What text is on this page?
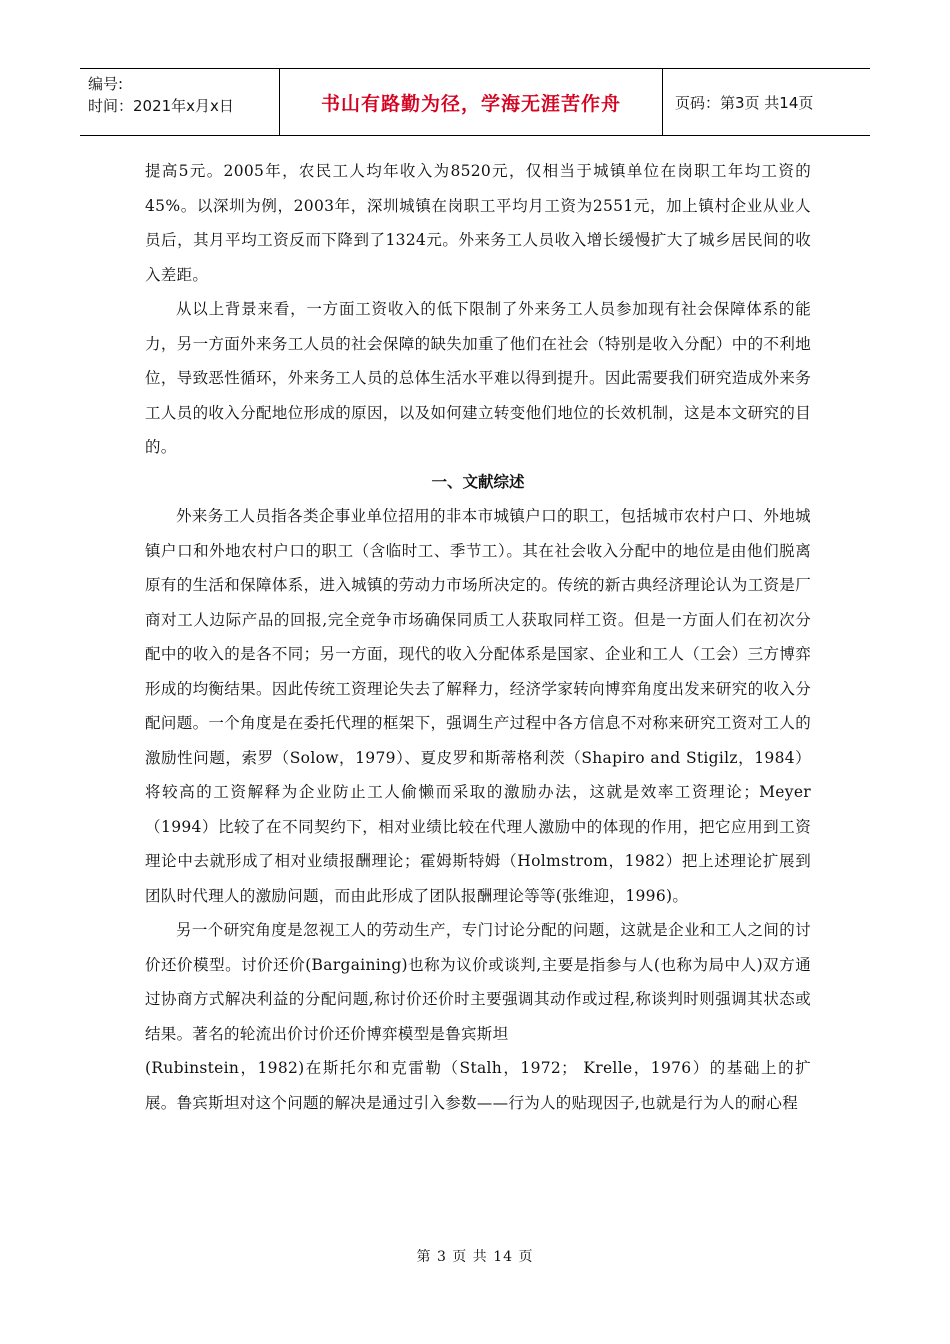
编号:
时间：2021年x月x日	书山有路勤为径，学海无涯苦作舟	页码：第3页 共14页

提高5元。2005年，农民工人均年收入为8520元，仅相当于城镇单位在岗职工年均工资的45%。以深圳为例，2003年，深圳城镇在岗职工平均月工资为2551元，加上镇村企业从业人员后，其月平均工资反而下降到了1324元。外来务工人员收入增长缓慢扩大了城乡居民间的收入差距。

从以上背景来看，一方面工资收入的低下限制了外来务工人员参加现有社会保障体系的能力，另一方面外来务工人员的社会保障的缺失加重了他们在社会（特别是收入分配）中的不利地位，导致恶性循环，外来务工人员的总体生活水平难以得到提升。因此需要我们研究造成外来务工人员的收入分配地位形成的原因，以及如何建立转变他们地位的长效机制，这是本文研究的目的。

一、文献综述

外来务工人员指各类企事业单位招用的非本市城镇户口的职工，包括城市农村户口、外地城镇户口和外地农村户口的职工（含临时工、季节工）。其在社会收入分配中的地位是由他们脱离原有的生活和保障体系，进入城镇的劳动力市场所决定的。传统的新古典经济理论认为工资是厂商对工人边际产品的回报,完全竞争市场确保同质工人获取同样工资。但是一方面人们在初次分配中的收入的是各不同；另一方面，现代的收入分配体系是国家、企业和工人（工会）三方博弈形成的均衡结果。因此传统工资理论失去了解释力，经济学家转向博弈角度出发来研究的收入分配问题。一个角度是在委托代理的框架下，强调生产过程中各方信息不对称来研究工资对工人的激励性问题，索罗（Solow，1979）、夏皮罗和斯蒂格利茨（Shapiro and Stigilz，1984）将较高的工资解释为企业防止工人偷懒而采取的激励办法，这就是效率工资理论；Meyer（1994）比较了在不同契约下，相对业绩比较在代理人激励中的体现的作用，把它应用到工资理论中去就形成了相对业绩报酬理论；霍姆斯特姆（Holmstrom，1982）把上述理论扩展到团队时代理人的激励问题，而由此形成了团队报酬理论等等(张维迎，1996)。

另一个研究角度是忽视工人的劳动生产，专门讨论分配的问题，这就是企业和工人之间的讨价还价模型。讨价还价(Bargaining)也称为议价或谈判,主要是指参与人(也称为局中人)双方通过协商方式解决利益的分配问题,称讨价还价时主要强调其动作或过程,称谈判时则强调其状态或结果。著名的轮流出价讨价还价博弈模型是鲁宾斯坦

(Rubinstein，1982)在斯托尔和克雷勒（Stalh，1972； Krelle，1976）的基础上的扩展。鲁宾斯坦对这个问题的解决是通过引入参数——行为人的贴现因子,也就是行为人的耐心程

第 3 页 共 14 页
